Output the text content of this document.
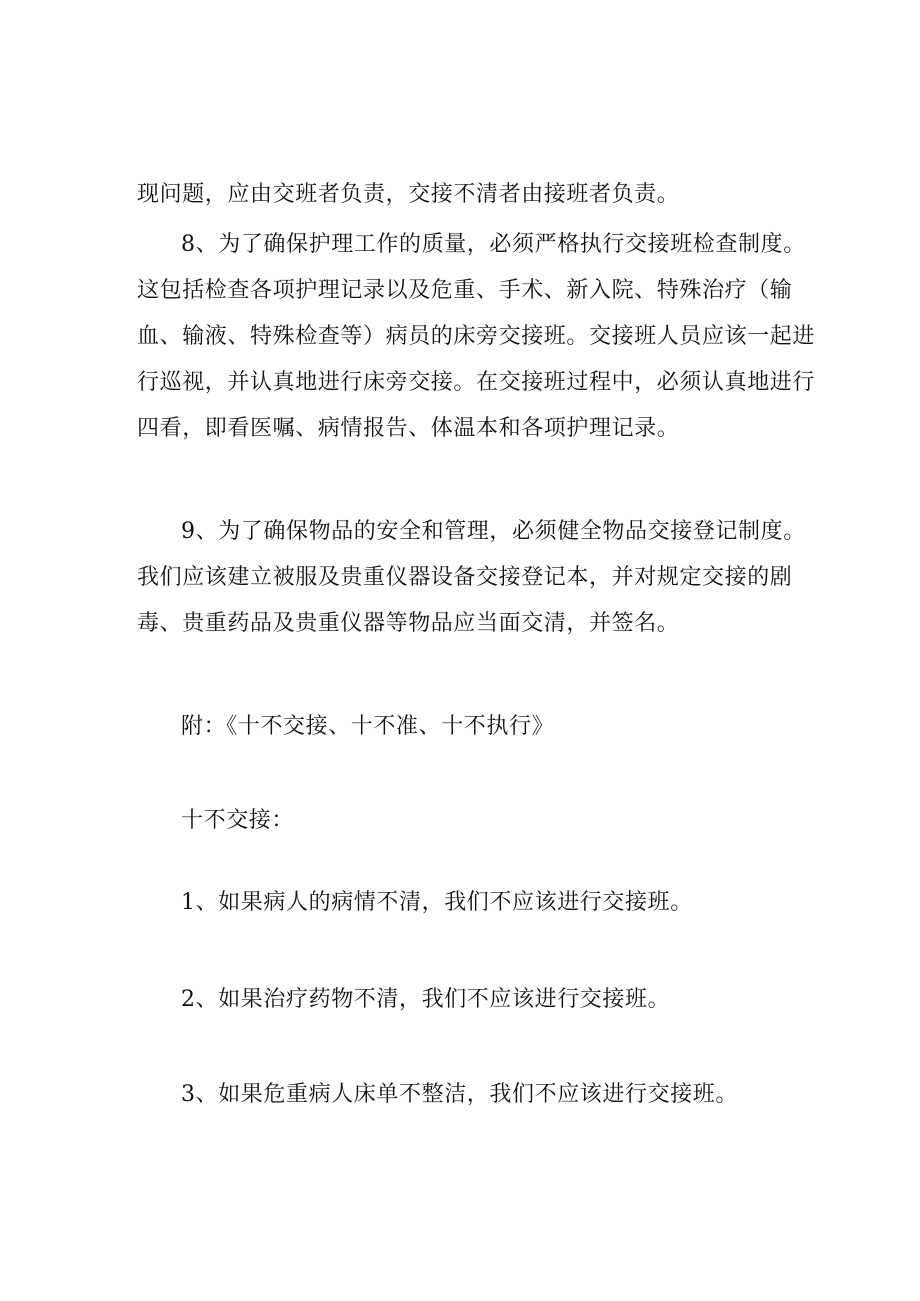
现问题，应由交班者负责，交接不清者由接班者负责。
8、为了确保护理工作的质量，必须严格执行交接班检查制度。
这包括检查各项护理记录以及危重、手术、新入院、特殊治疗（输
血、输液、特殊检查等）病员的床旁交接班。交接班人员应该一起进
行巡视，并认真地进行床旁交接。在交接班过程中，必须认真地进行
四看，即看医嘱、病情报告、体温本和各项护理记录。
9、为了确保物品的安全和管理，必须健全物品交接登记制度。
我们应该建立被服及贵重仪器设备交接登记本，并对规定交接的剧
毒、贵重药品及贵重仪器等物品应当面交清，并签名。
附：《十不交接、十不准、十不执行》
十不交接：
1、如果病人的病情不清，我们不应该进行交接班。
2、如果治疗药物不清，我们不应该进行交接班。
3、如果危重病人床单不整洁，我们不应该进行交接班。
